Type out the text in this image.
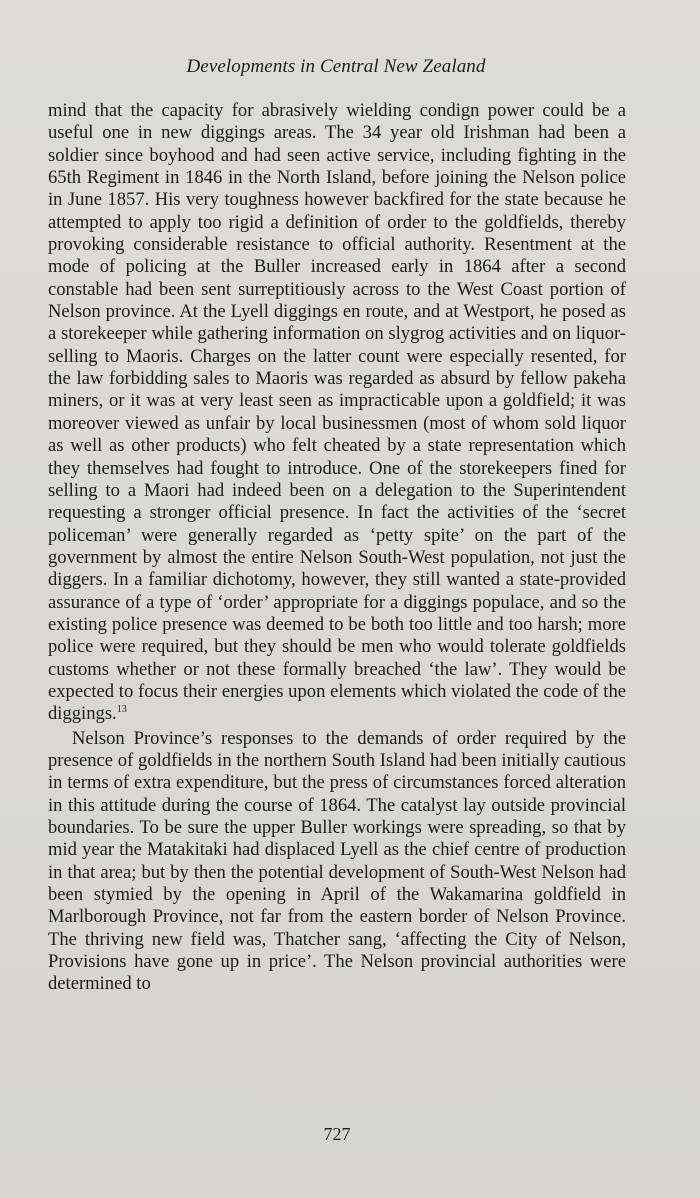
Developments in Central New Zealand

mind that the capacity for abrasively wielding condign power could be a useful one in new diggings areas. The 34 year old Irishman had been a soldier since boyhood and had seen active service, including fighting in the 65th Regiment in 1846 in the North Island, before joining the Nelson police in June 1857. His very toughness however backfired for the state because he attempted to apply too rigid a definition of order to the goldfields, thereby provoking considerable resistance to official authority. Resentment at the mode of policing at the Buller increased early in 1864 after a second constable had been sent surreptitiously across to the West Coast portion of Nelson province. At the Lyell diggings en route, and at Westport, he posed as a storekeeper while gathering information on slygrog activities and on liquor-selling to Maoris. Charges on the latter count were especially resented, for the law forbidding sales to Maoris was regarded as absurd by fellow pakeha miners, or it was at very least seen as impracticable upon a goldfield; it was moreover viewed as unfair by local businessmen (most of whom sold liquor as well as other products) who felt cheated by a state representation which they themselves had fought to introduce. One of the storekeepers fined for selling to a Maori had indeed been on a delegation to the Superintendent requesting a stronger official presence. In fact the activities of the ‘secret policeman’ were generally regarded as ‘petty spite’ on the part of the government by almost the entire Nelson South-West population, not just the diggers. In a familiar dichotomy, however, they still wanted a state-provided assurance of a type of ‘order’ appropriate for a diggings populace, and so the existing police presence was deemed to be both too little and too harsh; more police were required, but they should be men who would tolerate goldfields customs whether or not these formally breached ‘the law’. They would be expected to focus their energies upon elements which violated the code of the diggings.$^{13}$

Nelson Province’s responses to the demands of order required by the presence of goldfields in the northern South Island had been initially cautious in terms of extra expenditure, but the press of circumstances forced alteration in this attitude during the course of 1864. The catalyst lay outside provincial boundaries. To be sure the upper Buller workings were spreading, so that by mid year the Matakitaki had displaced Lyell as the chief centre of production in that area; but by then the potential development of South-West Nelson had been stymied by the opening in April of the Wakamarina goldfield in Marlborough Province, not far from the eastern border of Nelson Province. The thriving new field was, Thatcher sang, ‘affecting the City of Nelson, Provisions have gone up in price’. The Nelson provincial authorities were determined to

727
